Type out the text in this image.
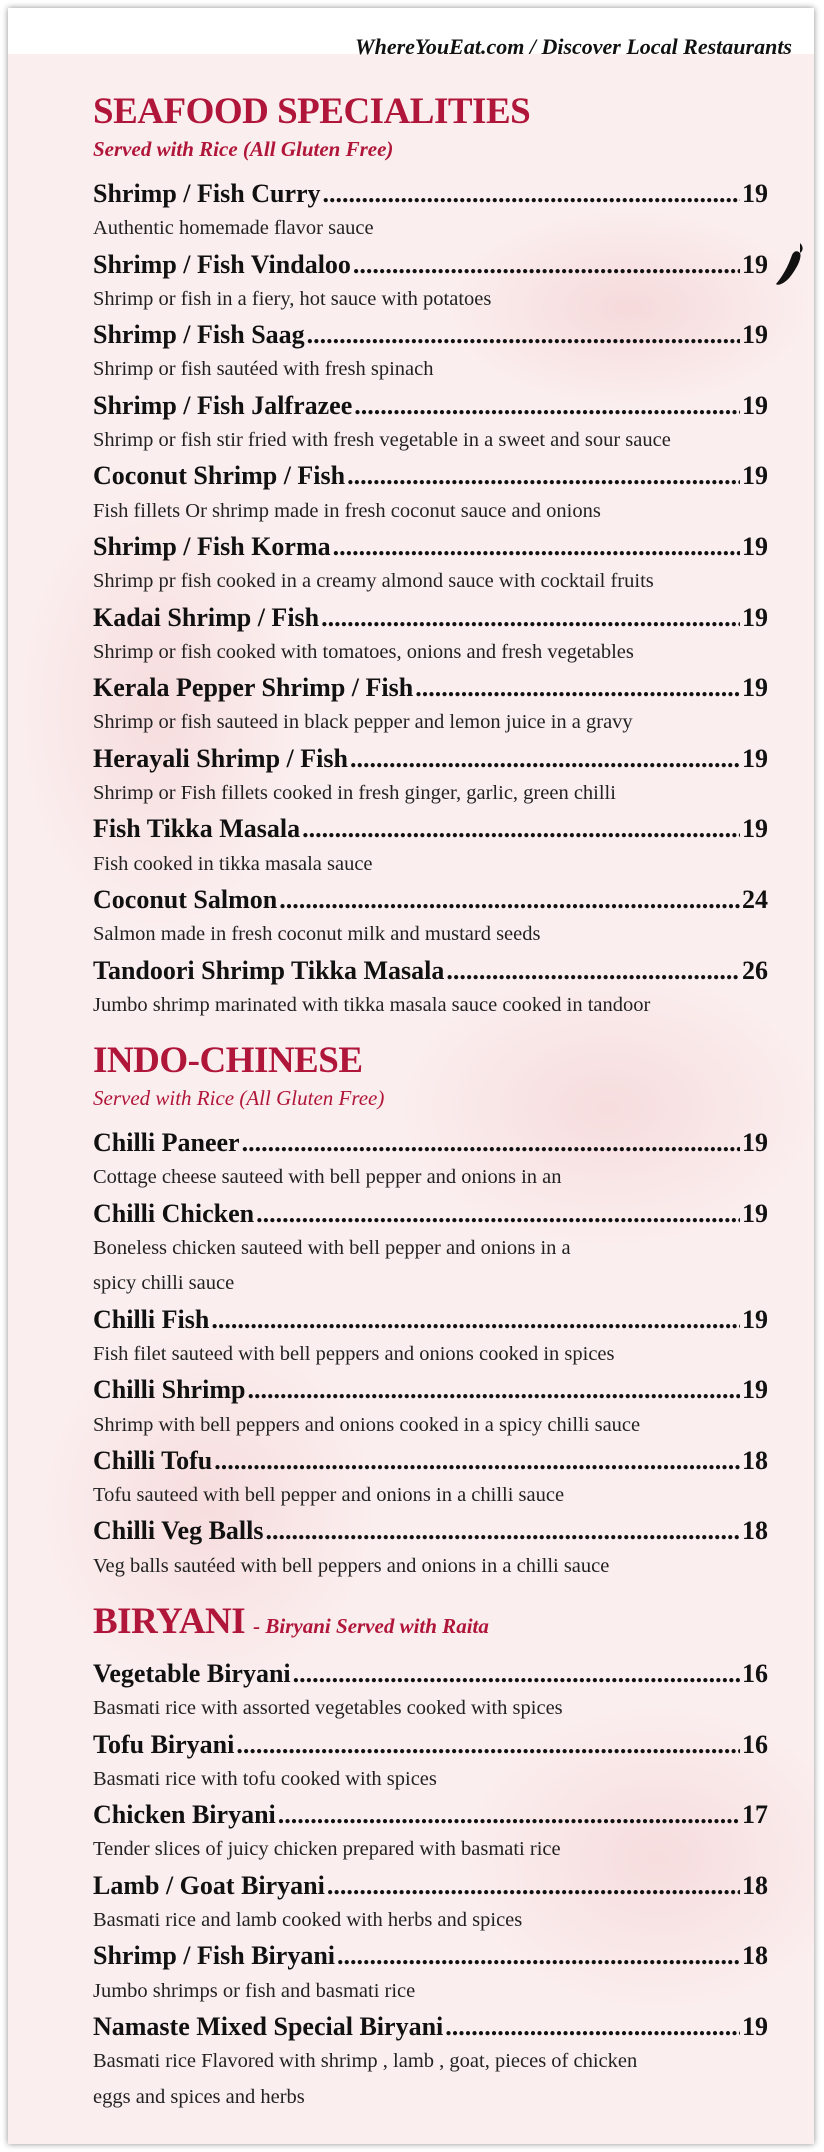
WhereYouEat.com / Discover Local Restaurants
SEAFOOD SPECIALITIES
Served with Rice (All Gluten Free)
Shrimp / Fish Curry .....	19
Authentic homemade flavor sauce
Shrimp / Fish Vindaloo .....	19
Shrimp or fish in a fiery, hot sauce with potatoes
Shrimp / Fish Saag .....	19
Shrimp or fish sautéed with fresh spinach
Shrimp / Fish Jalfrazee .....	19
Shrimp or fish stir fried with fresh vegetable in a sweet and sour sauce
Coconut Shrimp / Fish .....	19
Fish fillets Or shrimp made in fresh coconut sauce and onions
Shrimp / Fish Korma .....	19
Shrimp pr fish cooked in a creamy almond sauce with cocktail fruits
Kadai Shrimp / Fish .....	19
Shrimp or fish cooked with tomatoes, onions and fresh vegetables
Kerala Pepper Shrimp / Fish .....	19
Shrimp or fish sauteed in black pepper and lemon juice in a gravy
Herayali Shrimp / Fish .....	19
Shrimp or Fish fillets cooked in fresh ginger, garlic, green chilli
Fish Tikka Masala .....	19
Fish cooked in tikka masala sauce
Coconut Salmon .....	24
Salmon made in fresh coconut milk and mustard seeds
Tandoori Shrimp Tikka Masala .....	26
Jumbo shrimp marinated with tikka masala sauce cooked in tandoor
INDO-CHINESE
Served with Rice (All Gluten Free)
Chilli Paneer .....	19
Cottage cheese sauteed with bell pepper and onions in an
Chilli Chicken .....	19
Boneless chicken sauteed with bell pepper and onions in a
spicy chilli sauce
Chilli Fish .....	19
Fish filet sauteed with bell peppers and onions cooked in spices
Chilli Shrimp .....	19
Shrimp with bell peppers and onions cooked in a spicy chilli sauce
Chilli Tofu .....	18
Tofu sauteed with bell pepper and onions in a chilli sauce
Chilli Veg Balls .....	18
Veg balls sautéed with bell peppers and onions in a chilli sauce
BIRYANI - Biryani Served with Raita
Vegetable Biryani .....	16
Basmati rice with assorted vegetables cooked with spices
Tofu Biryani .....	16
Basmati rice with tofu cooked with spices
Chicken Biryani .....	17
Tender slices of juicy chicken prepared with basmati rice
Lamb / Goat Biryani .....	18
Basmati rice and lamb cooked with herbs and spices
Shrimp / Fish Biryani .....	18
Jumbo shrimps or fish and basmati rice
Namaste Mixed Special Biryani .....	19
Basmati rice Flavored with shrimp , lamb , goat, pieces of chicken
eggs and spices and herbs
